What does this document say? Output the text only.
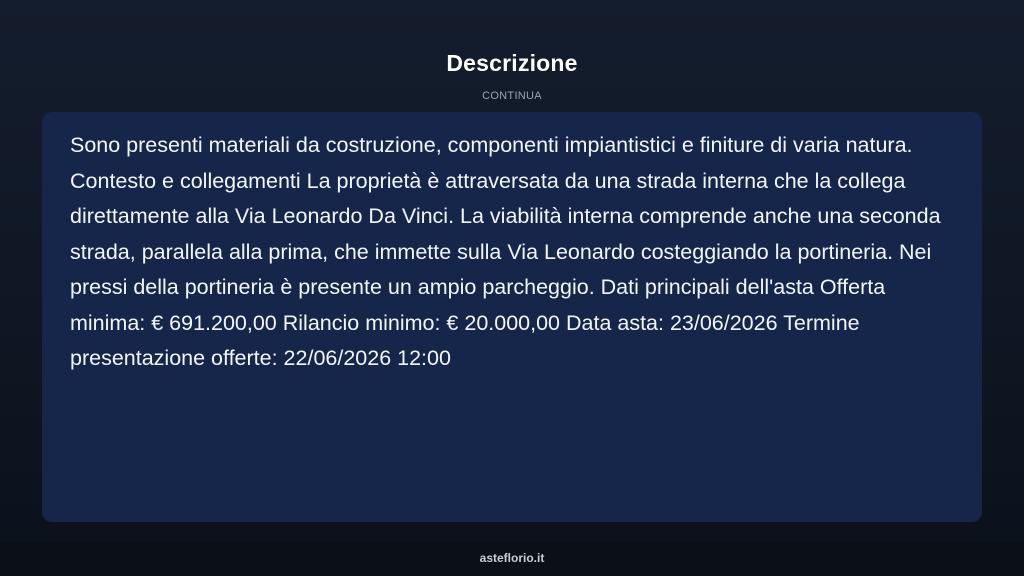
Descrizione
CONTINUA

Sono presenti materiali da costruzione, componenti impiantistici e finiture di varia natura. Contesto e collegamenti La proprietà è attraversata da una strada interna che la collega direttamente alla Via Leonardo Da Vinci. La viabilità interna comprende anche una seconda strada, parallela alla prima, che immette sulla Via Leonardo costeggiando la portineria. Nei pressi della portineria è presente un ampio parcheggio. Dati principali dell'asta Offerta minima: € 691.200,00 Rilancio minimo: € 20.000,00 Data asta: 23/06/2026 Termine presentazione offerte: 22/06/2026 12:00

asteflorio.it
